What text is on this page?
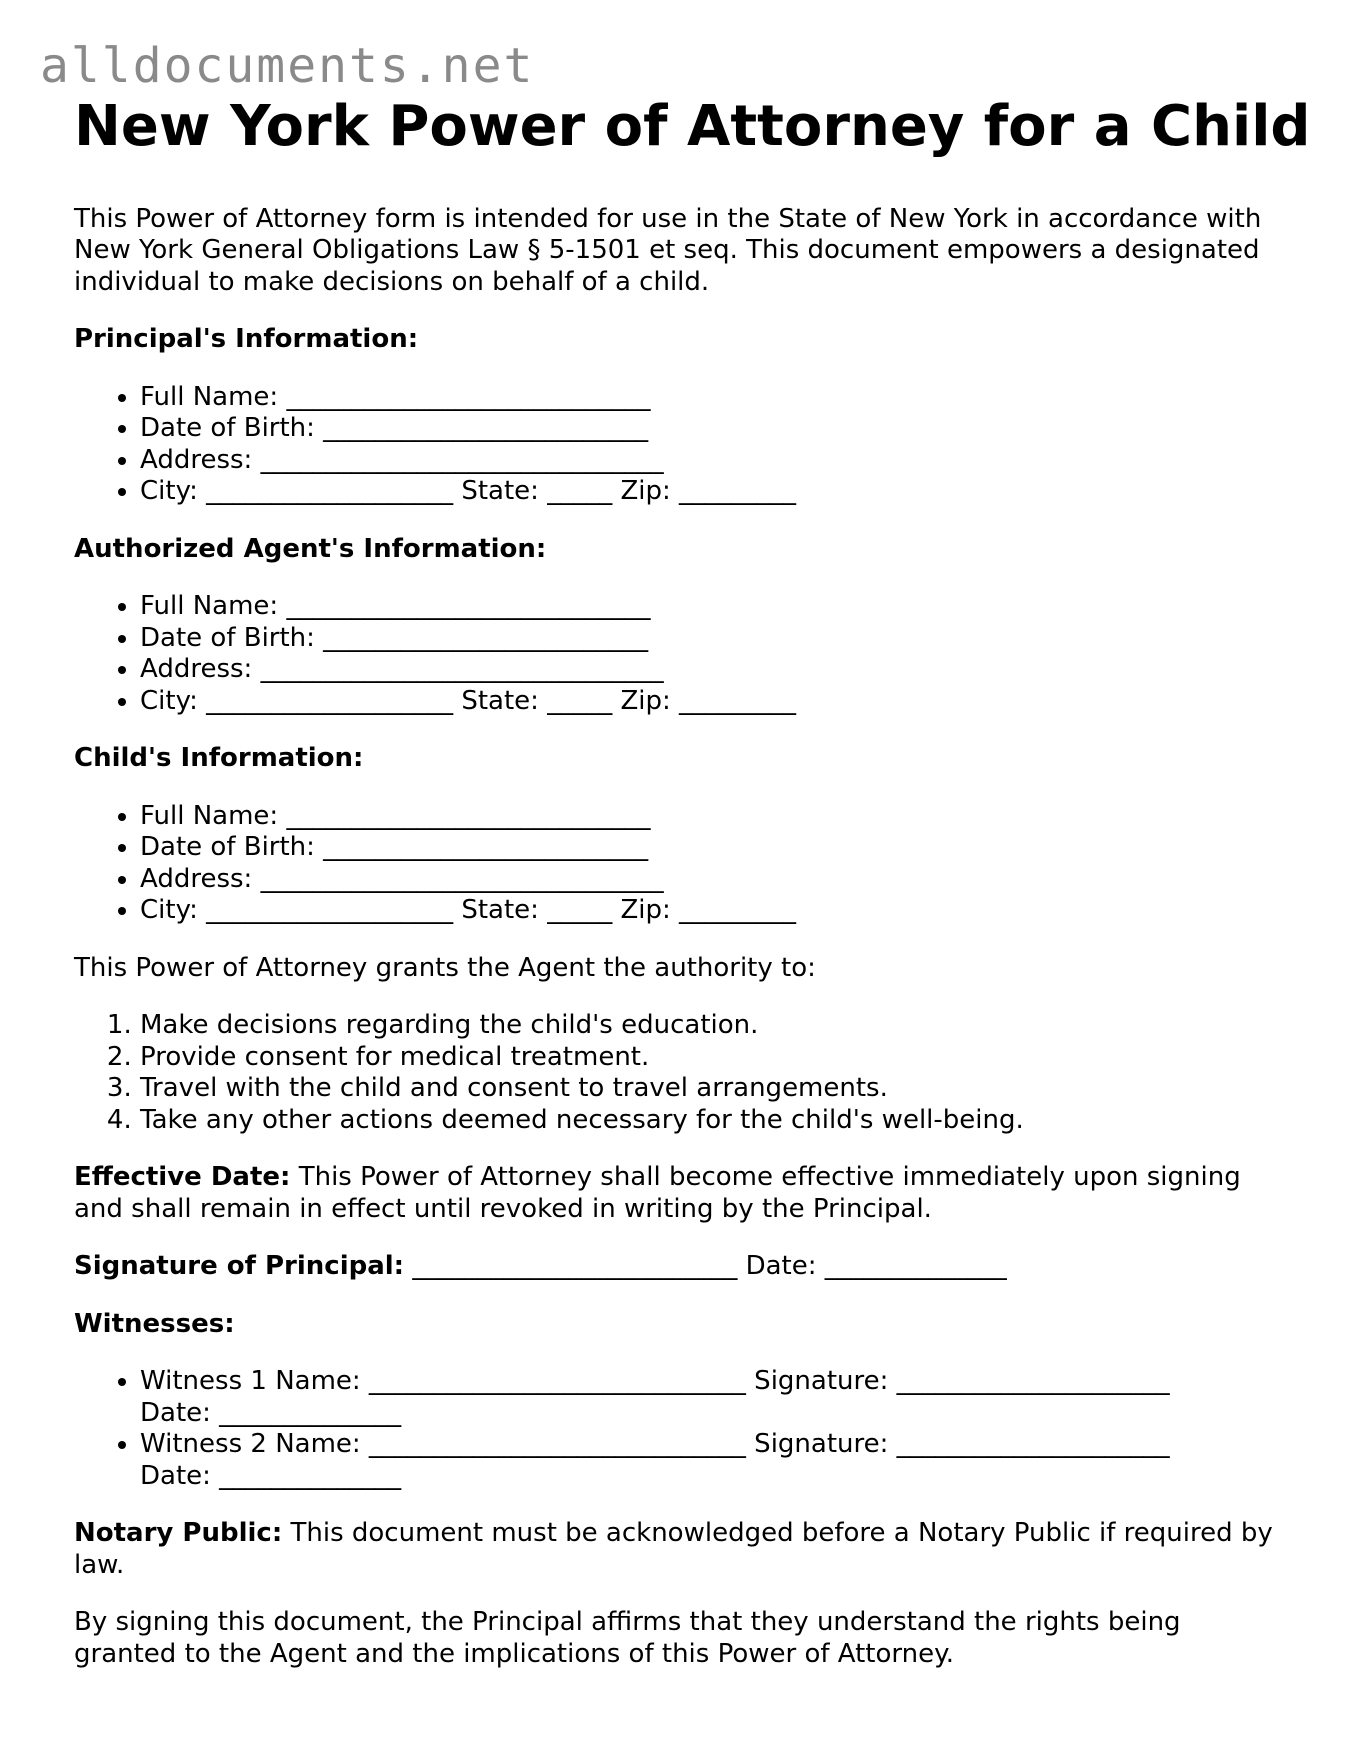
alldocuments.net
New York Power of Attorney for a Child

This Power of Attorney form is intended for use in the State of New York in accordance with New York General Obligations Law § 5-1501 et seq. This document empowers a designated individual to make decisions on behalf of a child.

Principal's Information:

• Full Name: ____________________________
• Date of Birth: _________________________
• Address: _______________________________
• City: ___________________ State: _____ Zip: _________

Authorized Agent's Information:

• Full Name: ____________________________
• Date of Birth: _________________________
• Address: _______________________________
• City: ___________________ State: _____ Zip: _________

Child's Information:

• Full Name: ____________________________
• Date of Birth: _________________________
• Address: _______________________________
• City: ___________________ State: _____ Zip: _________

This Power of Attorney grants the Agent the authority to:

1. Make decisions regarding the child's education.
2. Provide consent for medical treatment.
3. Travel with the child and consent to travel arrangements.
4. Take any other actions deemed necessary for the child's well-being.

Effective Date: This Power of Attorney shall become effective immediately upon signing and shall remain in effect until revoked in writing by the Principal.

Signature of Principal: _________________________ Date: ______________

Witnesses:

• Witness 1 Name: _____________________________ Signature: _____________________ Date: ______________
• Witness 2 Name: _____________________________ Signature: _____________________ Date: ______________

Notary Public: This document must be acknowledged before a Notary Public if required by law.

By signing this document, the Principal affirms that they understand the rights being granted to the Agent and the implications of this Power of Attorney.
